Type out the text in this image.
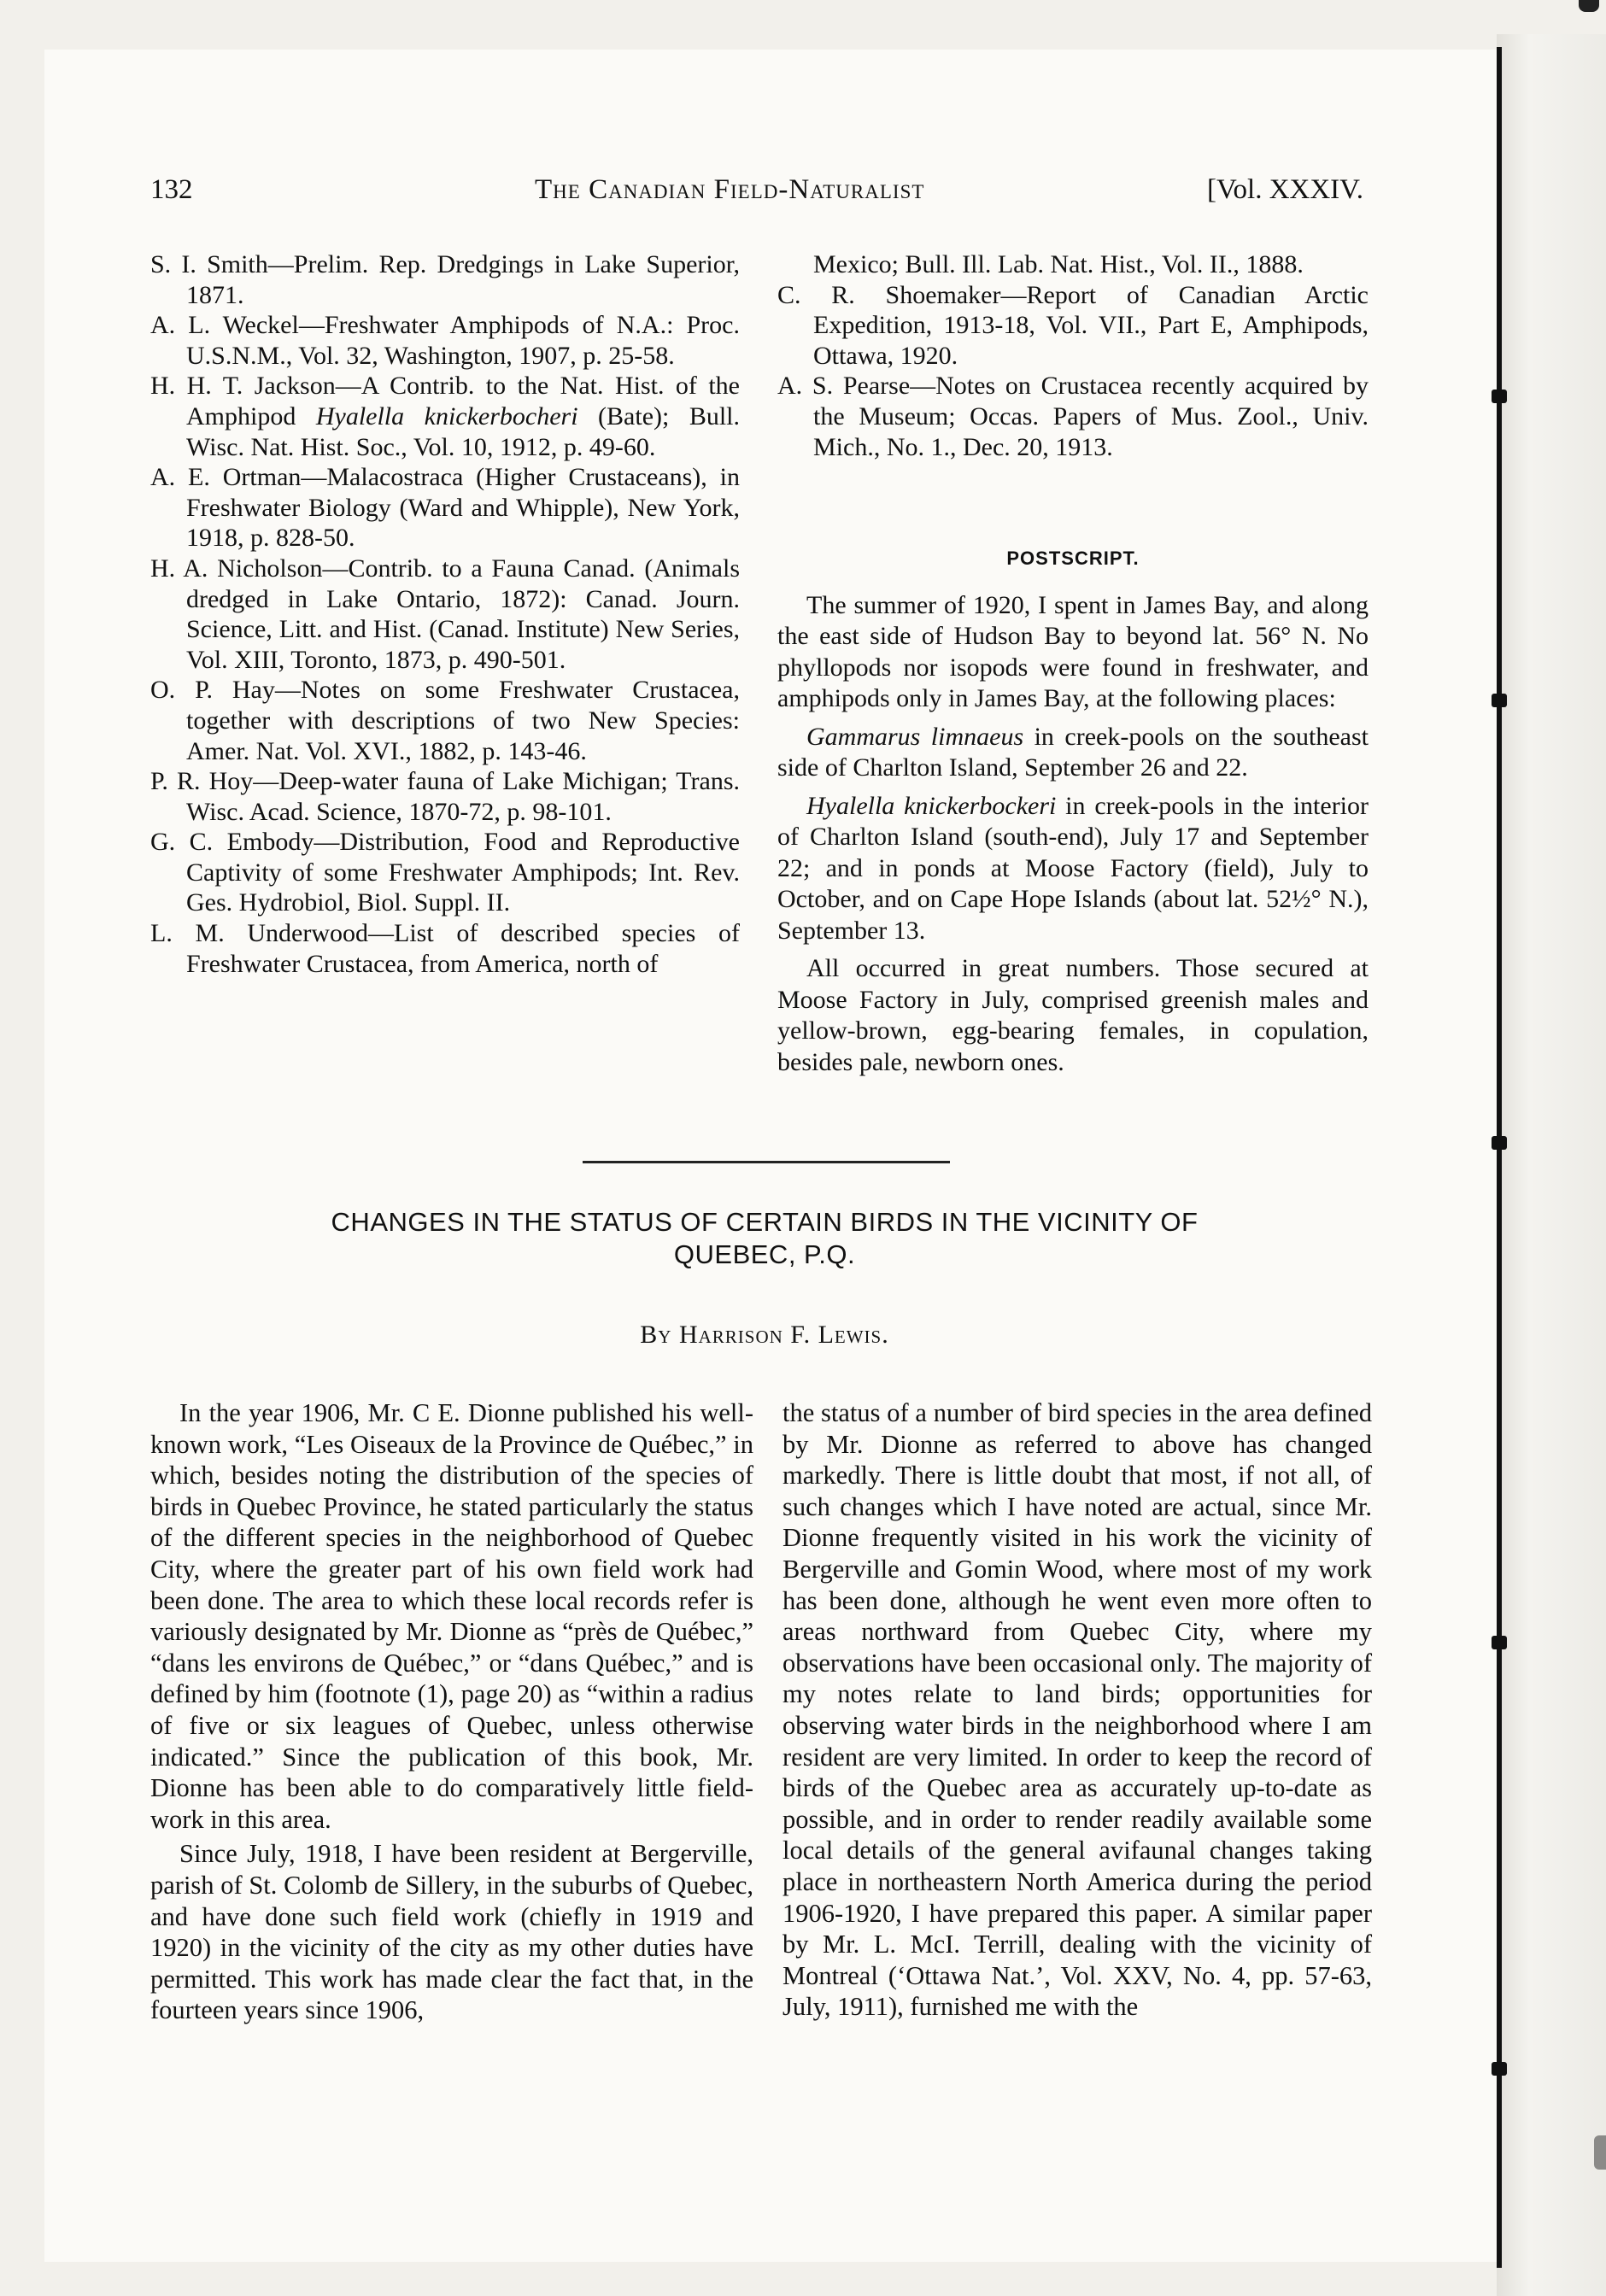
132	The Canadian Field-Naturalist	[Vol. XXXIV.

S. I. Smith—Prelim. Rep. Dredgings in Lake Superior, 1871.

A. L. Weckel—Freshwater Amphipods of N.A.: Proc. U.S.N.M., Vol. 32, Washington, 1907, p. 25-58.

H. H. T. Jackson—A Contrib. to the Nat. Hist. of the Amphipod Hyalella knickerbocheri (Bate); Bull. Wisc. Nat. Hist. Soc., Vol. 10, 1912, p. 49-60.

A. E. Ortman—Malacostraca (Higher Crustaceans), in Freshwater Biology (Ward and Whipple), New York, 1918, p. 828-50.

H. A. Nicholson—Contrib. to a Fauna Canad. (Animals dredged in Lake Ontario, 1872): Canad. Journ. Science, Litt. and Hist. (Canad. Institute) New Series, Vol. XIII, Toronto, 1873, p. 490-501.

O. P. Hay—Notes on some Freshwater Crustacea, together with descriptions of two New Species: Amer. Nat. Vol. XVI., 1882, p. 143-46.

P. R. Hoy—Deep-water fauna of Lake Michigan; Trans. Wisc. Acad. Science, 1870-72, p. 98-101.

G. C. Embody—Distribution, Food and Reproductive Captivity of some Freshwater Amphipods; Int. Rev. Ges. Hydrobiol, Biol. Suppl. II.

L. M. Underwood—List of described species of Freshwater Crustacea, from America, north of

Mexico; Bull. Ill. Lab. Nat. Hist., Vol. II., 1888.

C. R. Shoemaker—Report of Canadian Arctic Expedition, 1913-18, Vol. VII., Part E, Amphipods, Ottawa, 1920.

A. S. Pearse—Notes on Crustacea recently acquired by the Museum; Occas. Papers of Mus. Zool., Univ. Mich., No. 1., Dec. 20, 1913.

POSTSCRIPT.

The summer of 1920, I spent in James Bay, and along the east side of Hudson Bay to beyond lat. 56° N. No phyllopods nor isopods were found in freshwater, and amphipods only in James Bay, at the following places:

Gammarus limnaeus in creek-pools on the southeast side of Charlton Island, September 26 and 22.

Hyalella knickerbockeri in creek-pools in the interior of Charlton Island (south-end), July 17 and September 22; and in ponds at Moose Factory (field), July to October, and on Cape Hope Islands (about lat. 52½° N.), September 13.

All occurred in great numbers. Those secured at Moose Factory in July, comprised greenish males and yellow-brown, egg-bearing females, in copulation, besides pale, newborn ones.

CHANGES IN THE STATUS OF CERTAIN BIRDS IN THE VICINITY OF
QUEBEC, P.Q.
By Harrison F. Lewis.

In the year 1906, Mr. C E. Dionne published his well-known work, “Les Oiseaux de la Province de Québec,” in which, besides noting the distribution of the species of birds in Quebec Province, he stated particularly the status of the different species in the neighborhood of Quebec City, where the greater part of his own field work had been done. The area to which these local records refer is variously designated by Mr. Dionne as “près de Québec,” “dans les environs de Québec,” or “dans Québec,” and is defined by him (footnote (1), page 20) as “within a radius of five or six leagues of Quebec, unless otherwise indicated.” Since the publication of this book, Mr. Dionne has been able to do comparatively little field-work in this area.

Since July, 1918, I have been resident at Bergerville, parish of St. Colomb de Sillery, in the suburbs of Quebec, and have done such field work (chiefly in 1919 and 1920) in the vicinity of the city as my other duties have permitted. This work has made clear the fact that, in the fourteen years since 1906,

the status of a number of bird species in the area defined by Mr. Dionne as referred to above has changed markedly. There is little doubt that most, if not all, of such changes which I have noted are actual, since Mr. Dionne frequently visited in his work the vicinity of Bergerville and Gomin Wood, where most of my work has been done, although he went even more often to areas northward from Quebec City, where my observations have been occasional only. The majority of my notes relate to land birds; opportunities for observing water birds in the neighborhood where I am resident are very limited. In order to keep the record of birds of the Quebec area as accurately up-to-date as possible, and in order to render readily available some local details of the general avifaunal changes taking place in northeastern North America during the period 1906-1920, I have prepared this paper. A similar paper by Mr. L. McI. Terrill, dealing with the vicinity of Montreal (‘Ottawa Nat.’, Vol. XXV, No. 4, pp. 57-63, July, 1911), furnished me with the
